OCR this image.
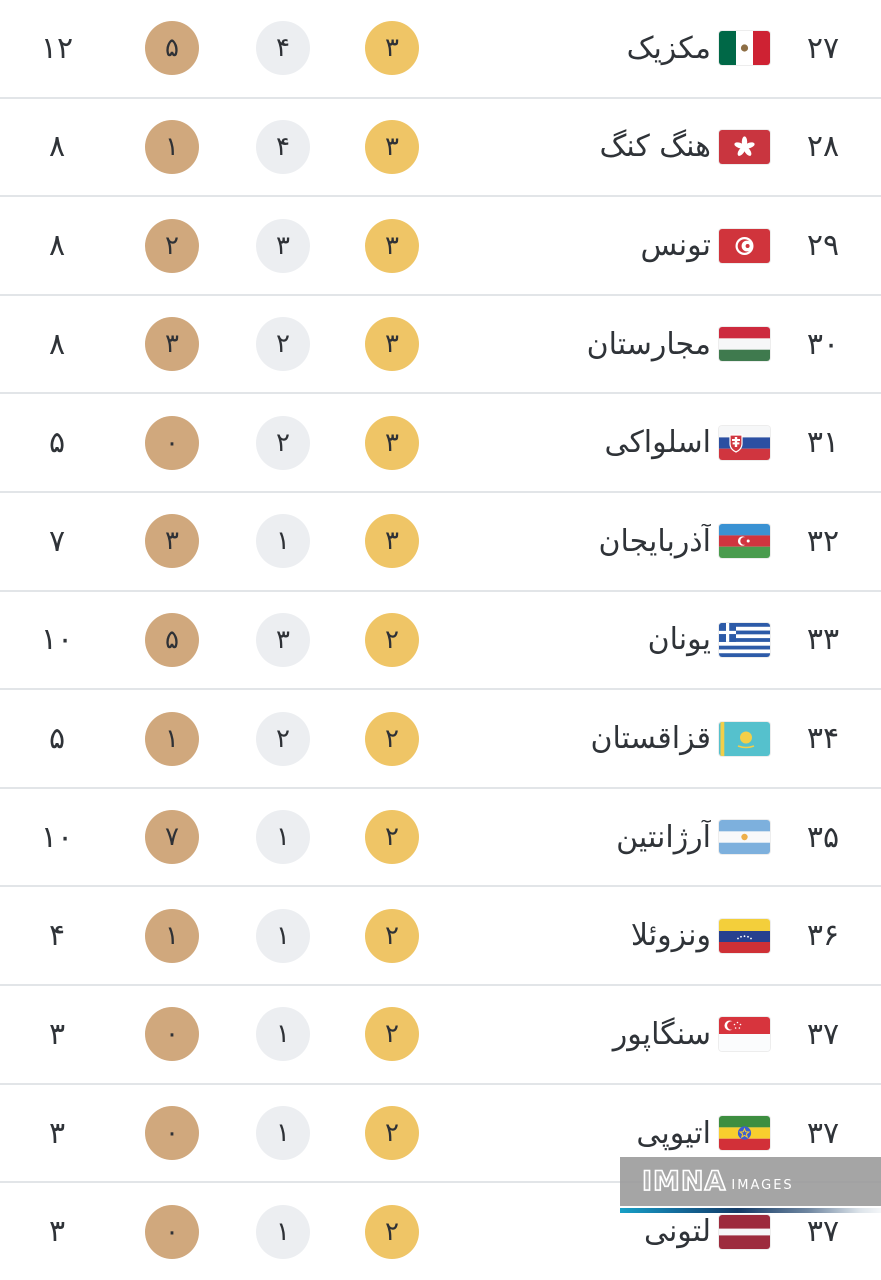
۲۷
مکزیک
۳
۴
۵
۱۲
۲۸
هنگ کنگ
۳
۴
۱
۸
۲۹
تونس
۳
۳
۲
۸
۳۰
مجارستان
۳
۲
۳
۸
۳۱
اسلواکی
۳
۲
۰
۵
۳۲
آذربایجان
۳
۱
۳
۷
۳۳
یونان
۲
۳
۵
۱۰
۳۴
قزاقستان
۲
۲
۱
۵
۳۵
آرژانتین
۲
۱
۷
۱۰
۳۶
ونزوئلا
۲
۱
۱
۴
۳۷
سنگاپور
۲
۱
۰
۳
۳۷
اتیوپی
۲
۱
۰
۳
۳۷
لتونی
۲
۱
۰
۳
IMNA IMAGES
